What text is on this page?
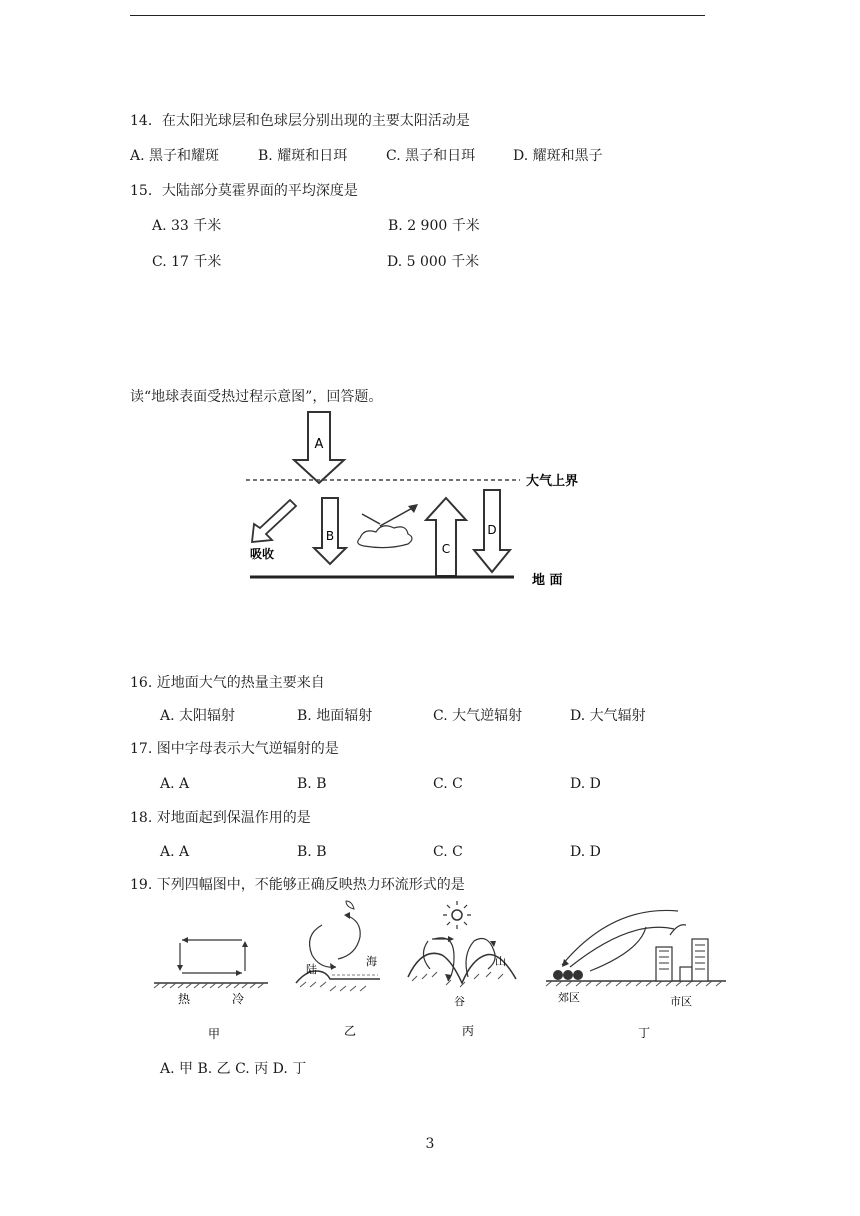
14．在太阳光球层和色球层分别出现的主要太阳活动是
A. 黑子和耀斑	B. 耀斑和日珥	C. 黑子和日珥	D. 耀斑和黑子
15．大陆部分莫霍界面的平均深度是
A. 33 千米	B. 2 900 千米
C. 17 千米	D. 5 000 千米
读“地球表面受热过程示意图”，回答题。
A
大气上界
吸收
B
C
D
地 面
16. 近地面大气的热量主要来自
A. 太阳辐射	B. 地面辐射	C. 大气逆辐射	D. 大气辐射
17. 图中字母表示大气逆辐射的是
A. A	B. B	C. C	D. D
18. 对地面起到保温作用的是
A. A	B. B	C. C	D. D
19. 下列四幅图中，不能够正确反映热力环流形式的是
热	冷
甲
陆
海
乙
山
谷
丙
郊区	市区
丁
A. 甲 B. 乙 C. 丙 D. 丁
3
